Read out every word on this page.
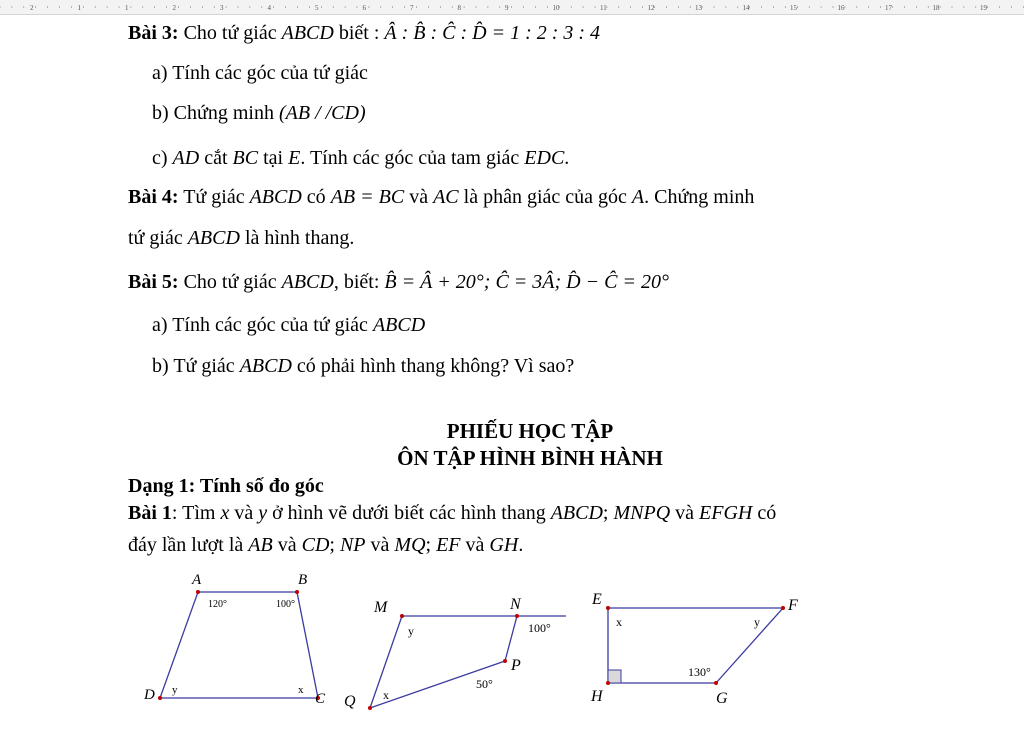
2	1	1	2	3	4	5	6	7	8	9	10	11	12	13	14	15	16	17	18	19
Bài 3: Cho tứ giác ABCD biết : Â : B̂ : Ĉ : D̂ = 1 : 2 : 3 : 4
a) Tính các góc của tứ giác
b) Chứng minh (AB / /CD)
c) AD cắt BC tại E. Tính các góc của tam giác EDC.
Bài 4: Tứ giác ABCD có AB = BC và AC là phân giác của góc A. Chứng minh
tứ giác ABCD là hình thang.
Bài 5: Cho tứ giác ABCD, biết: B̂ = Â + 20°; Ĉ = 3Â; D̂ − Ĉ = 20°
a) Tính các góc của tứ giác ABCD
b) Tứ giác ABCD có phải hình thang không? Vì sao?
PHIẾU HỌC TẬP
ÔN TẬP HÌNH BÌNH HÀNH
Dạng 1: Tính số đo góc
Bài 1: Tìm x và y ở hình vẽ dưới biết các hình thang ABCD; MNPQ và EFGH có
đáy lần lượt là AB và CD; NP và MQ; EF và GH.
A	B
C
D
120°	100°
y	x
M	N
P
Q
y	100°
50°
x
E	F
G
H
x	y
130°
